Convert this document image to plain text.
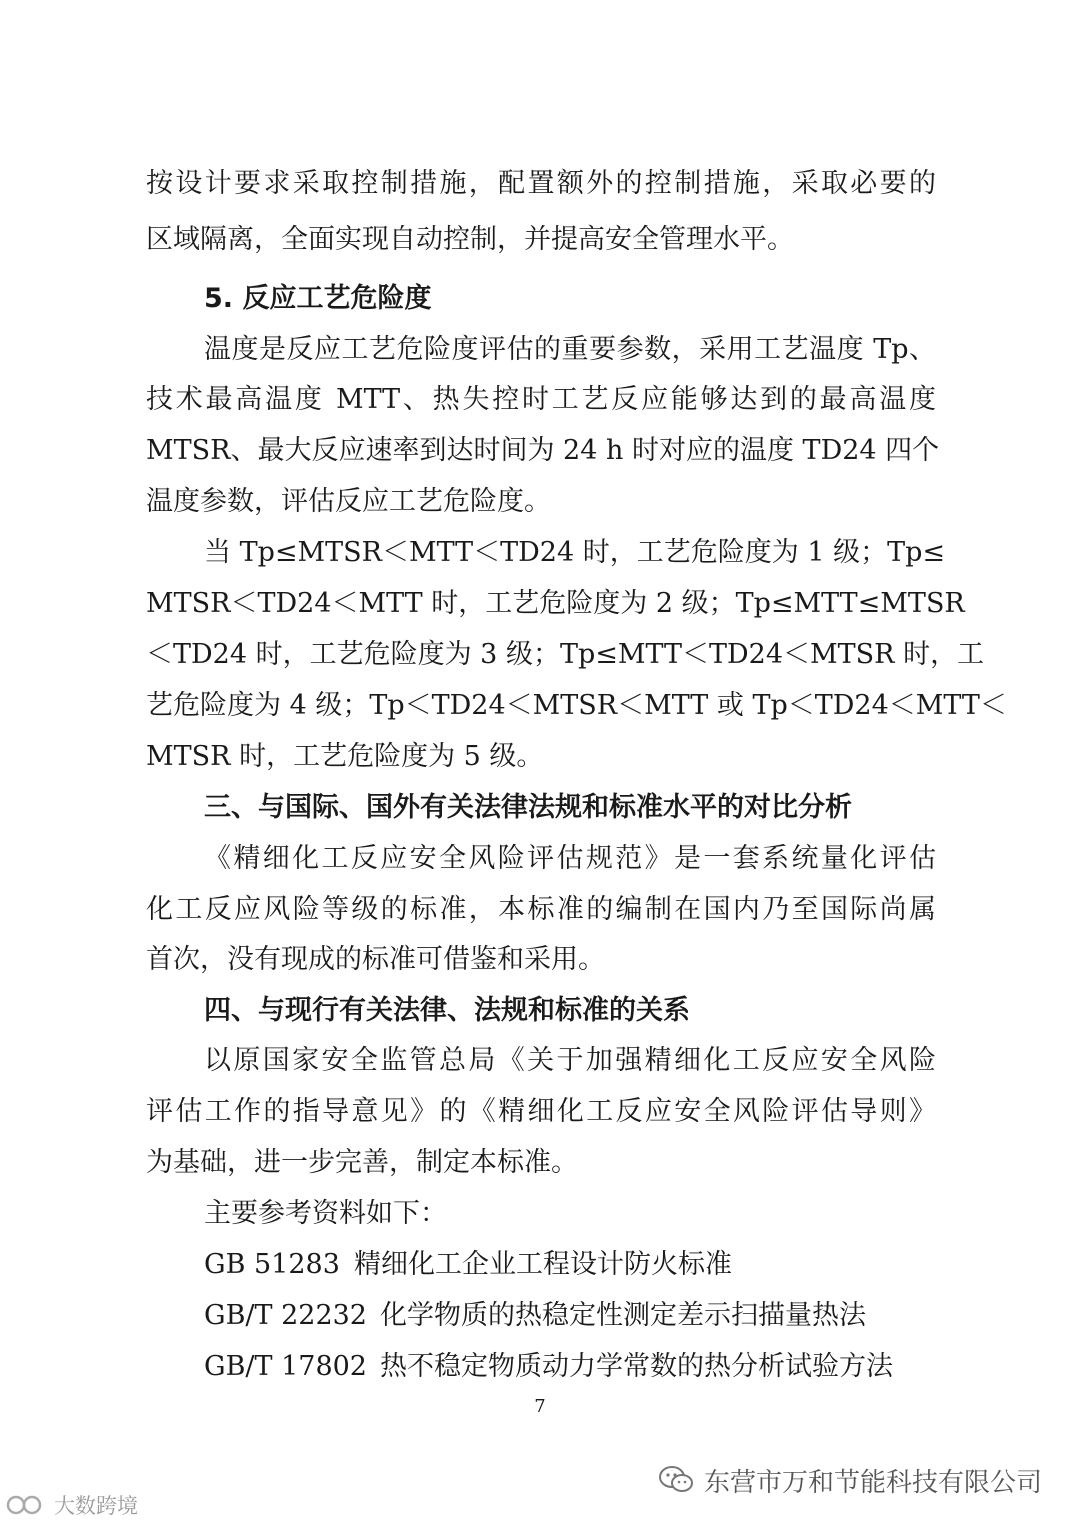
按设计要求采取控制措施，配置额外的控制措施，采取必要的
区域隔离，全面实现自动控制，并提高安全管理水平。
5. 反应工艺危险度
温度是反应工艺危险度评估的重要参数，采用工艺温度 Tp、
技术最高温度 MTT、热失控时工艺反应能够达到的最高温度
MTSR、最大反应速率到达时间为 24 h 时对应的温度 TD24 四个
温度参数，评估反应工艺危险度。
当 Tp≤MTSR＜MTT＜TD24 时，工艺危险度为 1 级；Tp≤
MTSR＜TD24＜MTT 时，工艺危险度为 2 级；Tp≤MTT≤MTSR
＜TD24 时，工艺危险度为 3 级；Tp≤MTT＜TD24＜MTSR 时，工
艺危险度为 4 级；Tp＜TD24＜MTSR＜MTT 或 Tp＜TD24＜MTT＜
MTSR 时，工艺危险度为 5 级。
三、与国际、国外有关法律法规和标准水平的对比分析
《精细化工反应安全风险评估规范》是一套系统量化评估
化工反应风险等级的标准，本标准的编制在国内乃至国际尚属
首次，没有现成的标准可借鉴和采用。
四、与现行有关法律、法规和标准的关系
以原国家安全监管总局《关于加强精细化工反应安全风险
评估工作的指导意见》的《精细化工反应安全风险评估导则》
为基础，进一步完善，制定本标准。
主要参考资料如下：
GB 51283 精细化工企业工程设计防火标准
GB/T 22232 化学物质的热稳定性测定差示扫描量热法
GB/T 17802 热不稳定物质动力学常数的热分析试验方法
7
东营市万和节能科技有限公司
大数跨境
